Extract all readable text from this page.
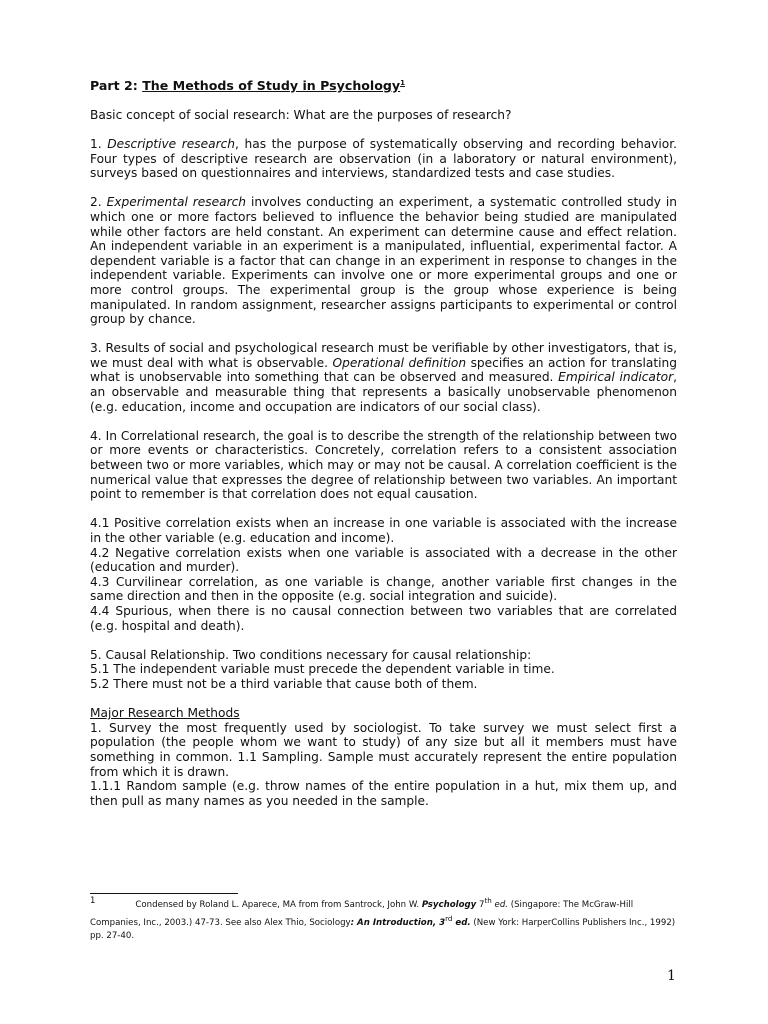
Part 2: The Methods of Study in Psychology$^1$

Basic concept of social research: What are the purposes of research?

1. Descriptive research, has the purpose of systematically observing and recording behavior. Four types of descriptive research are observation (in a laboratory or natural environment), surveys based on questionnaires and interviews, standardized tests and case studies.

2. Experimental research involves conducting an experiment, a systematic controlled study in which one or more factors believed to influence the behavior being studied are manipulated while other factors are held constant. An experiment can determine cause and effect relation. An independent variable in an experiment is a manipulated, influential, experimental factor. A dependent variable is a factor that can change in an experiment in response to changes in the independent variable. Experiments can involve one or more experimental groups and one or more control groups. The experimental group is the group whose experience is being manipulated. In random assignment, researcher assigns participants to experimental or control group by chance.

3. Results of social and psychological research must be verifiable by other investigators, that is, we must deal with what is observable. Operational definition specifies an action for translating what is unobservable into something that can be observed and measured. Empirical indicator, an observable and measurable thing that represents a basically unobservable phenomenon (e.g. education, income and occupation are indicators of our social class).

4. In Correlational research, the goal is to describe the strength of the relationship between two or more events or characteristics. Concretely, correlation refers to a consistent association between two or more variables, which may or may not be causal. A correlation coefficient is the numerical value that expresses the degree of relationship between two variables. An important point to remember is that correlation does not equal causation.

4.1 Positive correlation exists when an increase in one variable is associated with the increase in the other variable (e.g. education and income).

4.2 Negative correlation exists when one variable is associated with a decrease in the other (education and murder).

4.3 Curvilinear correlation, as one variable is change, another variable first changes in the same direction and then in the opposite (e.g. social integration and suicide).

4.4 Spurious, when there is no causal connection between two variables that are correlated (e.g. hospital and death).

5. Causal Relationship. Two conditions necessary for causal relationship:

5.1 The independent variable must precede the dependent variable in time.

5.2 There must not be a third variable that cause both of them.

Major Research Methods

1. Survey the most frequently used by sociologist. To take survey we must select first a population (the people whom we want to study) of any size but all it members must have something in common. 1.1 Sampling. Sample must accurately represent the entire population from which it is drawn.

1.1.1 Random sample (e.g. throw names of the entire population in a hut, mix them up, and then pull as many names as you needed in the sample.

1	Condensed by Roland L. Aparece, MA from from Santrock, John W. Psychology 7th ed. (Singapore: The McGraw-Hill Companies, Inc., 2003.) 47-73. See also Alex Thio, Sociology: An Introduction, 3rd ed. (New York: HarperCollins Publishers Inc., 1992) pp. 27-40.
1
